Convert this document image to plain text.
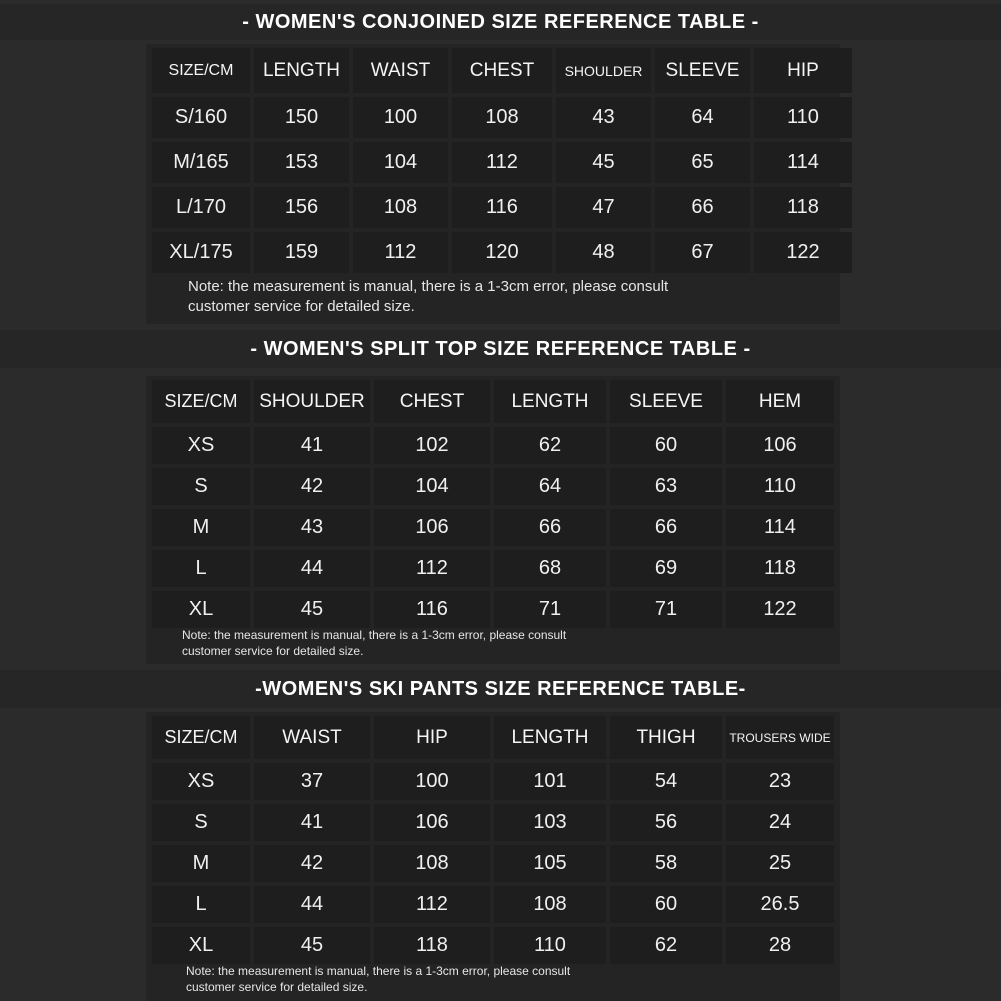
- WOMEN'S CONJOINED SIZE REFERENCE TABLE -
SIZE/CM	LENGTH	WAIST	CHEST	SHOULDER	SLEEVE	HIP
S/160	150	100	108	43	64	110
M/165	153	104	112	45	65	114
L/170	156	108	116	47	66	118
XL/175	159	112	120	48	67	122
Note: the measurement is manual, there is a 1-3cm error, please consult
customer service for detailed size.
- WOMEN'S SPLIT TOP SIZE REFERENCE TABLE -
SIZE/CM	SHOULDER	CHEST	LENGTH	SLEEVE	HEM
XS	41	102	62	60	106
S	42	104	64	63	110
M	43	106	66	66	114
L	44	112	68	69	118
XL	45	116	71	71	122
Note: the measurement is manual, there is a 1-3cm error, please consult
customer service for detailed size.
-WOMEN'S SKI PANTS SIZE REFERENCE TABLE-
SIZE/CM	WAIST	HIP	LENGTH	THIGH	TROUSERS WIDE
XS	37	100	101	54	23
S	41	106	103	56	24
M	42	108	105	58	25
L	44	112	108	60	26.5
XL	45	118	110	62	28
Note: the measurement is manual, there is a 1-3cm error, please consult
customer service for detailed size.
